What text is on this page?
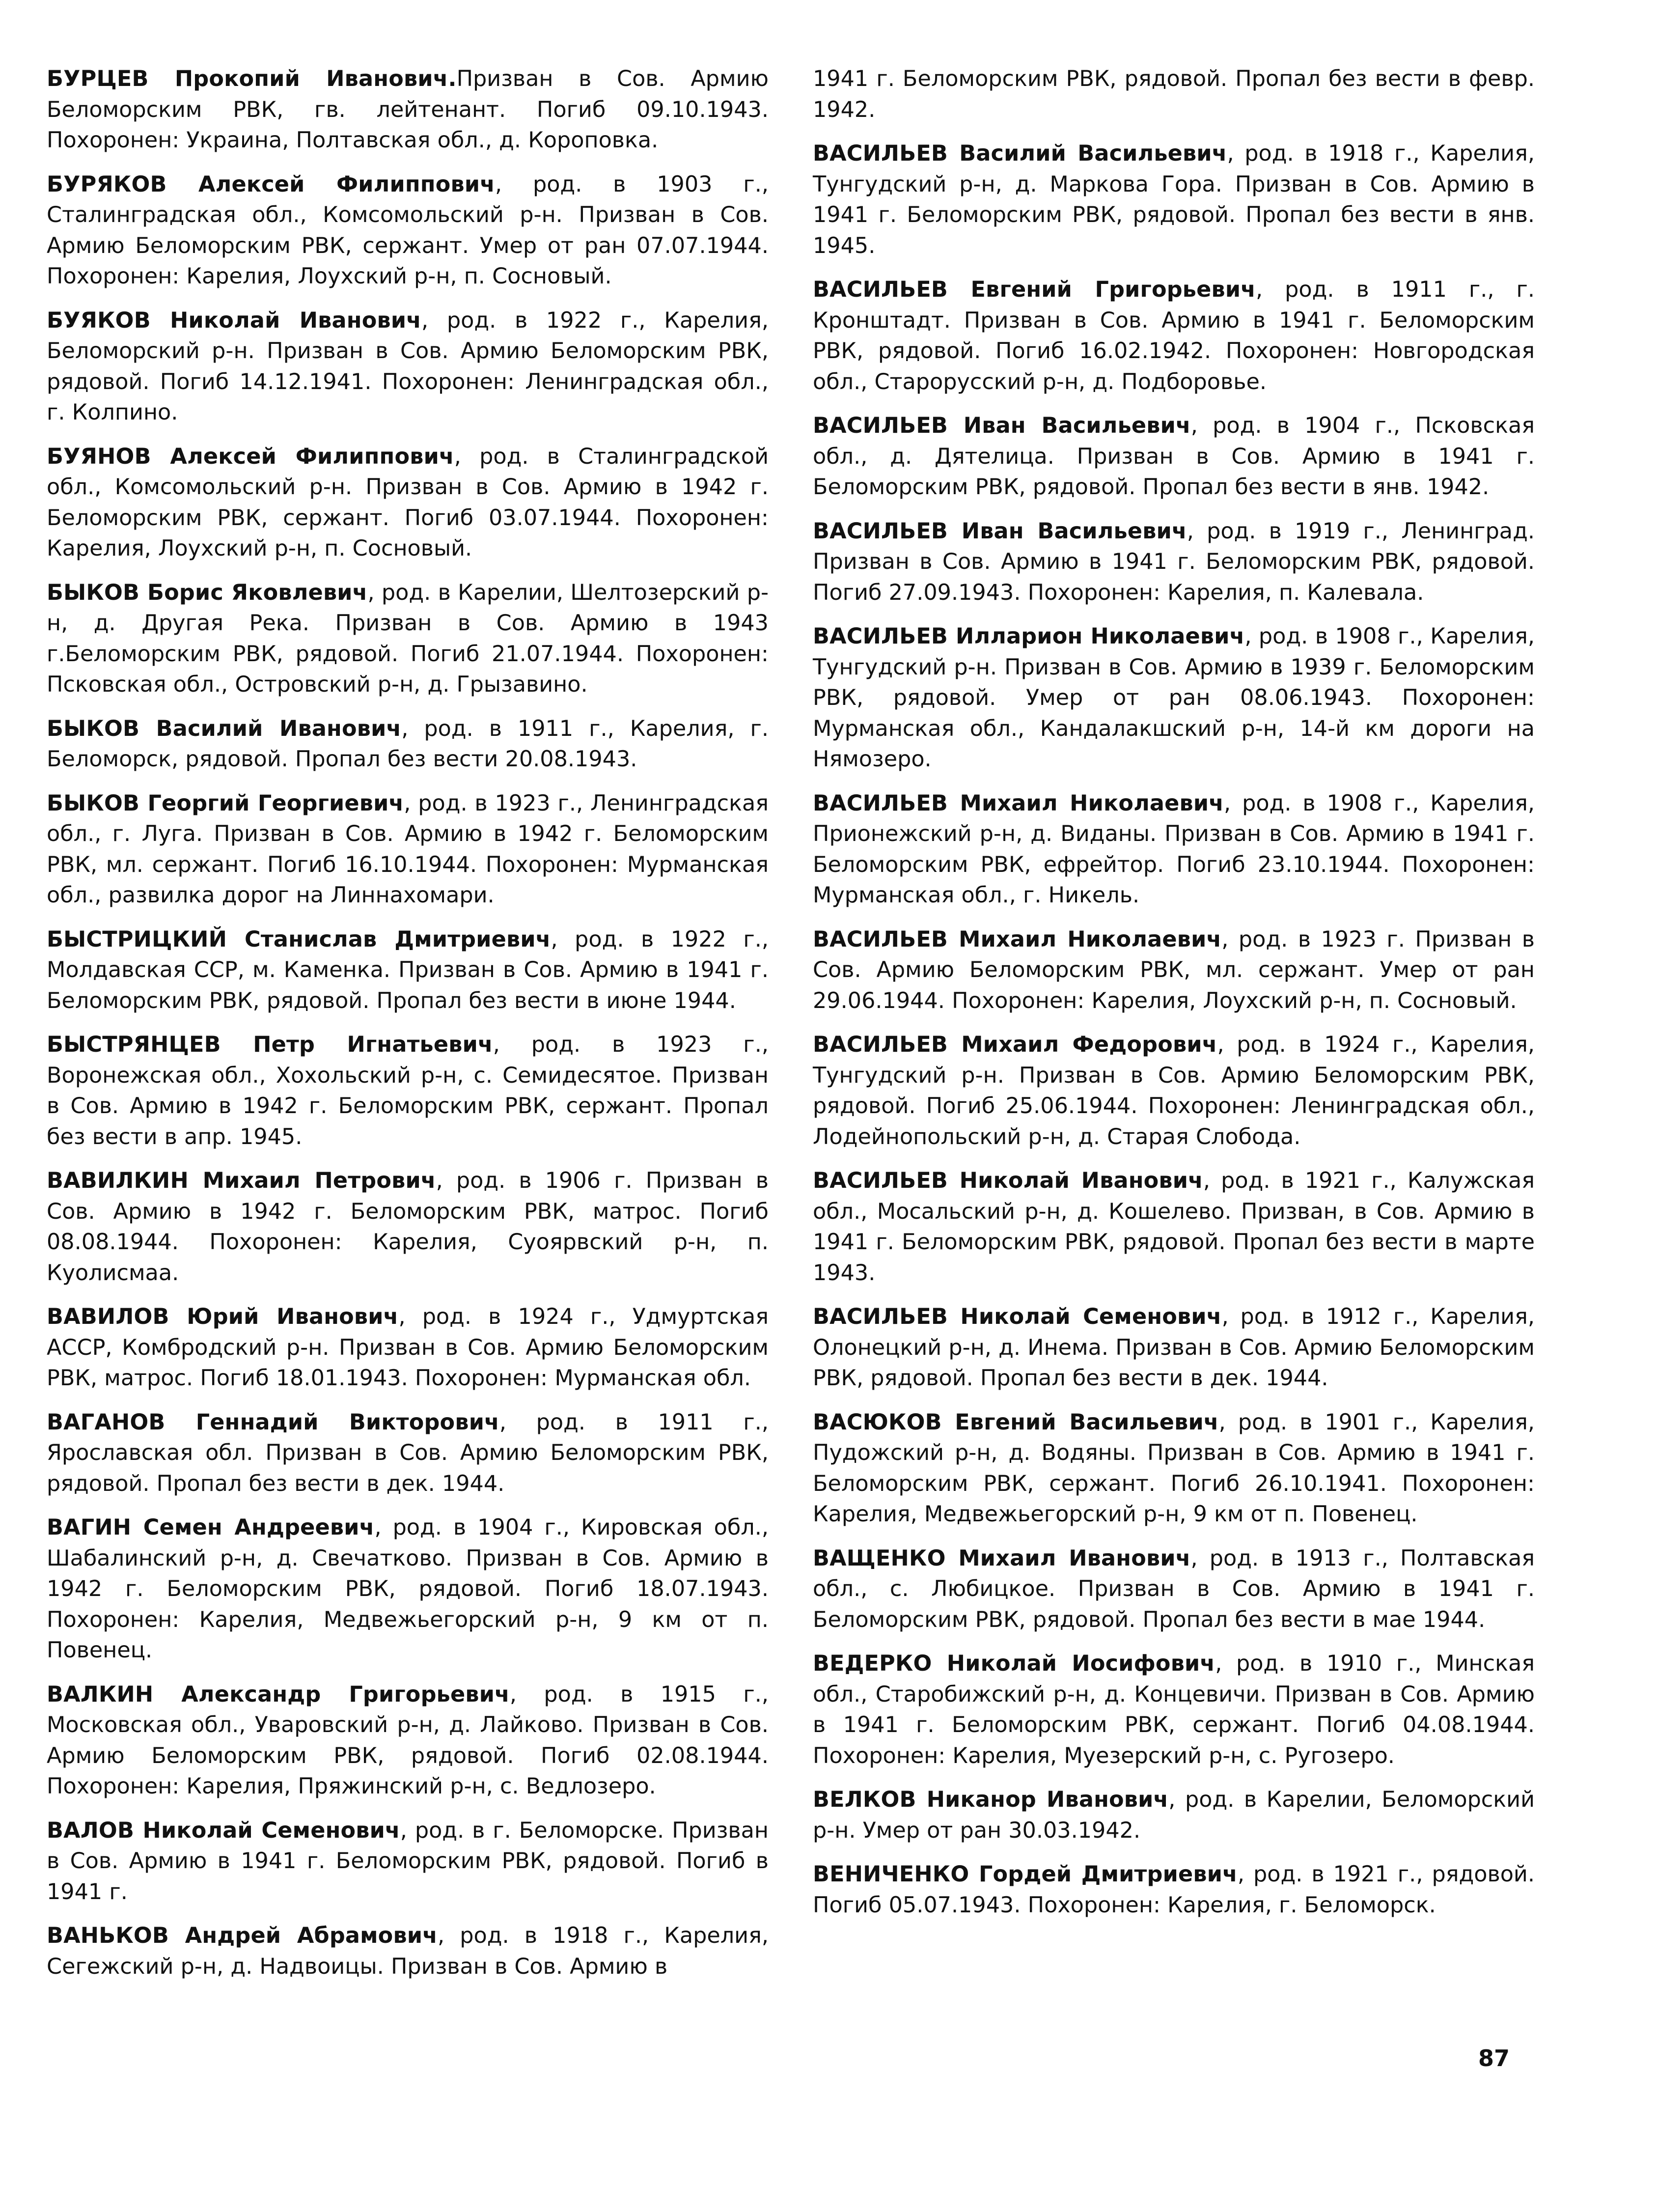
БУРЦЕВ Прокопий Иванович.Призван в Сов. Армию Беломорским РВК, гв. лейтенант. Погиб 09.10.1943. Похоронен: Украина, Полтавская обл., д. Короповка.

БУРЯКОВ Алексей Филиппович, род. в 1903 г., Сталинградская обл., Комсомольский р-н. Призван в Сов. Армию Беломорским РВК, сержант. Умер от ран 07.07.1944. Похоронен: Карелия, Лоухский р-н, п. Сосновый.

БУЯКОВ Николай Иванович, род. в 1922 г., Карелия, Беломорский р-н. Призван в Сов. Армию Беломорским РВК, рядовой. Погиб 14.12.1941. Похоронен: Ленинградская обл., г. Колпино.

БУЯНОВ Алексей Филиппович, род. в Сталинградской обл., Комсомольский р-н. Призван в Сов. Армию в 1942 г. Беломорским РВК, сержант. Погиб 03.07.1944. Похоронен: Карелия, Лоухский р-н, п. Сосновый.

БЫКОВ Борис Яковлевич, род. в Карелии, Шелтозерский р-н, д. Другая Река. Призван в Сов. Армию в 1943 г.Беломорским РВК, рядовой. Погиб 21.07.1944. Похоронен: Псковская обл., Островский р-н, д. Грызавино.

БЫКОВ Василий Иванович, род. в 1911 г., Карелия, г. Беломорск, рядовой. Пропал без вести 20.08.1943.

БЫКОВ Георгий Георгиевич, род. в 1923 г., Ленинградская обл., г. Луга. Призван в Сов. Армию в 1942 г. Беломорским РВК, мл. сержант. Погиб 16.10.1944. Похоронен: Мурманская обл., развилка дорог на Линнахомари.

БЫСТРИЦКИЙ Станислав Дмитриевич, род. в 1922 г., Молдавская ССР, м. Каменка. Призван в Сов. Армию в 1941 г. Беломорским РВК, рядовой. Пропал без вести в июне 1944.

БЫСТРЯНЦЕВ Петр Игнатьевич, род. в 1923 г., Воронежская обл., Хохольский р-н, с. Семидесятое. Призван в Сов. Армию в 1942 г. Беломорским РВК, сержант. Пропал без вести в апр. 1945.

ВАВИЛКИН Михаил Петрович, род. в 1906 г. Призван в Сов. Армию в 1942 г. Беломорским РВК, матрос. Погиб 08.08.1944. Похоронен: Карелия, Суоярвский р-н, п. Куолисмаа.

ВАВИЛОВ Юрий Иванович, род. в 1924 г., Удмуртская АССР, Комбродский р-н. Призван в Сов. Армию Беломорским РВК, матрос. Погиб 18.01.1943. Похоронен: Мурманская обл.

ВАГАНОВ Геннадий Викторович, род. в 1911 г., Ярославская обл. Призван в Сов. Армию Беломорским РВК, рядовой. Пропал без вести в дек. 1944.

ВАГИН Семен Андреевич, род. в 1904 г., Кировская обл., Шабалинский р-н, д. Свечатково. Призван в Сов. Армию в 1942 г. Беломорским РВК, рядовой. Погиб 18.07.1943. Похоронен: Карелия, Медвежьегорский р-н, 9 км от п. Повенец.

ВАЛКИН Александр Григорьевич, род. в 1915 г., Московская обл., Уваровский р-н, д. Лайково. Призван в Сов. Армию Беломорским РВК, рядовой. Погиб 02.08.1944. Похоронен: Карелия, Пряжинский р-н, с. Ведлозеро.

ВАЛОВ Николай Семенович, род. в г. Беломорске. Призван в Сов. Армию в 1941 г. Беломорским РВК, рядовой. Погиб в 1941 г.

ВАНЬКОВ Андрей Абрамович, род. в 1918 г., Карелия, Сегежский р-н, д. Надвоицы. Призван в Сов. Армию в

1941 г. Беломорским РВК, рядовой. Пропал без вести в февр. 1942.

ВАСИЛЬЕВ Василий Васильевич, род. в 1918 г., Карелия, Тунгудский р-н, д. Маркова Гора. Призван в Сов. Армию в 1941 г. Беломорским РВК, рядовой. Пропал без вести в янв. 1945.

ВАСИЛЬЕВ Евгений Григорьевич, род. в 1911 г., г. Кронштадт. Призван в Сов. Армию в 1941 г. Беломорским РВК, рядовой. Погиб 16.02.1942. Похоронен: Новгородская обл., Старорусский р-н, д. Подборовье.

ВАСИЛЬЕВ Иван Васильевич, род. в 1904 г., Псковская обл., д. Дятелица. Призван в Сов. Армию в 1941 г. Беломорским РВК, рядовой. Пропал без вести в янв. 1942.

ВАСИЛЬЕВ Иван Васильевич, род. в 1919 г., Ленинград. Призван в Сов. Армию в 1941 г. Беломорским РВК, рядовой. Погиб 27.09.1943. Похоронен: Карелия, п. Калевала.

ВАСИЛЬЕВ Илларион Николаевич, род. в 1908 г., Карелия, Тунгудский р-н. Призван в Сов. Армию в 1939 г. Беломорским РВК, рядовой. Умер от ран 08.06.1943. Похоронен: Мурманская обл., Кандалакшский р-н, 14-й км дороги на Нямозеро.

ВАСИЛЬЕВ Михаил Николаевич, род. в 1908 г., Карелия, Прионежский р-н, д. Виданы. Призван в Сов. Армию в 1941 г. Беломорским РВК, ефрейтор. Погиб 23.10.1944. Похоронен: Мурманская обл., г. Никель.

ВАСИЛЬЕВ Михаил Николаевич, род. в 1923 г. Призван в Сов. Армию Беломорским РВК, мл. сержант. Умер от ран 29.06.1944. Похоронен: Карелия, Лоухский р-н, п. Сосновый.

ВАСИЛЬЕВ Михаил Федорович, род. в 1924 г., Карелия, Тунгудский р-н. Призван в Сов. Армию Беломорским РВК, рядовой. Погиб 25.06.1944. Похоронен: Ленинградская обл., Лодейнопольский р-н, д. Старая Слобода.

ВАСИЛЬЕВ Николай Иванович, род. в 1921 г., Калужская обл., Мосальский р-н, д. Кошелево. Призван, в Сов. Армию в 1941 г. Беломорским РВК, рядовой. Пропал без вести в марте 1943.

ВАСИЛЬЕВ Николай Семенович, род. в 1912 г., Карелия, Олонецкий р-н, д. Инема. Призван в Сов. Армию Беломорским РВК, рядовой. Пропал без вести в дек. 1944.

ВАСЮКОВ Евгений Васильевич, род. в 1901 г., Карелия, Пудожский р-н, д. Водяны. Призван в Сов. Армию в 1941 г. Беломорским РВК, сержант. Погиб 26.10.1941. Похоронен: Карелия, Медвежьегорский р-н, 9 км от п. Повенец.

ВАЩЕНКО Михаил Иванович, род. в 1913 г., Полтавская обл., с. Любицкое. Призван в Сов. Армию в 1941 г. Беломорским РВК, рядовой. Пропал без вести в мае 1944.

ВЕДЕРКО Николай Иосифович, род. в 1910 г., Минская обл., Старобижский р-н, д. Концевичи. Призван в Сов. Армию в 1941 г. Беломорским РВК, сержант. Погиб 04.08.1944. Похоронен: Карелия, Муезерский р-н, с. Ругозеро.

ВЕЛКОВ Никанор Иванович, род. в Карелии, Беломорский р-н. Умер от ран 30.03.1942.

ВЕНИЧЕНКО Гордей Дмитриевич, род. в 1921 г., рядовой. Погиб 05.07.1943. Похоронен: Карелия, г. Беломорск.

87
